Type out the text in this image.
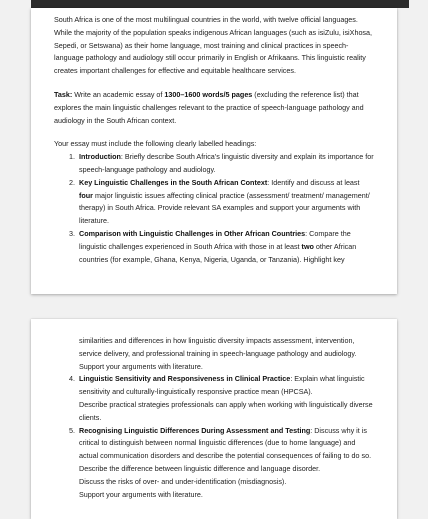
South Africa is one of the most multilingual countries in the world, with twelve official languages. While the majority of the population speaks indigenous African languages (such as isiZulu, isiXhosa, Sepedi, or Setswana) as their home language, most training and clinical practices in speech-language pathology and audiology still occur primarily in English or Afrikaans. This linguistic reality creates important challenges for effective and equitable healthcare services.

Task: Write an academic essay of 1300–1600 words/5 pages (excluding the reference list) that explores the main linguistic challenges relevant to the practice of speech-language pathology and audiology in the South African context.

Your essay must include the following clearly labelled headings:
1. Introduction: Briefly describe South Africa’s linguistic diversity and explain its importance for speech-language pathology and audiology.
2. Key Linguistic Challenges in the South African Context: Identify and discuss at least four major linguistic issues affecting clinical practice (assessment/ treatment/ management/ therapy) in South Africa. Provide relevant SA examples and support your arguments with literature.
3. Comparison with Linguistic Challenges in Other African Countries: Compare the linguistic challenges experienced in South Africa with those in at least two other African countries (for example, Ghana, Kenya, Nigeria, Uganda, or Tanzania). Highlight key
similarities and differences in how linguistic diversity impacts assessment, intervention, service delivery, and professional training in speech-language pathology and audiology. Support your arguments with literature.
4. Linguistic Sensitivity and Responsiveness in Clinical Practice: Explain what linguistic sensitivity and culturally-linguistically responsive practice mean (HPCSA).
Describe practical strategies professionals can apply when working with linguistically diverse clients.
5. Recognising Linguistic Differences During Assessment and Testing: Discuss why it is critical to distinguish between normal linguistic differences (due to home language) and actual communication disorders and describe the potential consequences of failing to do so. Describe the difference between linguistic difference and language disorder.
Discuss the risks of over- and under-identification (misdiagnosis).
Support your arguments with literature.
